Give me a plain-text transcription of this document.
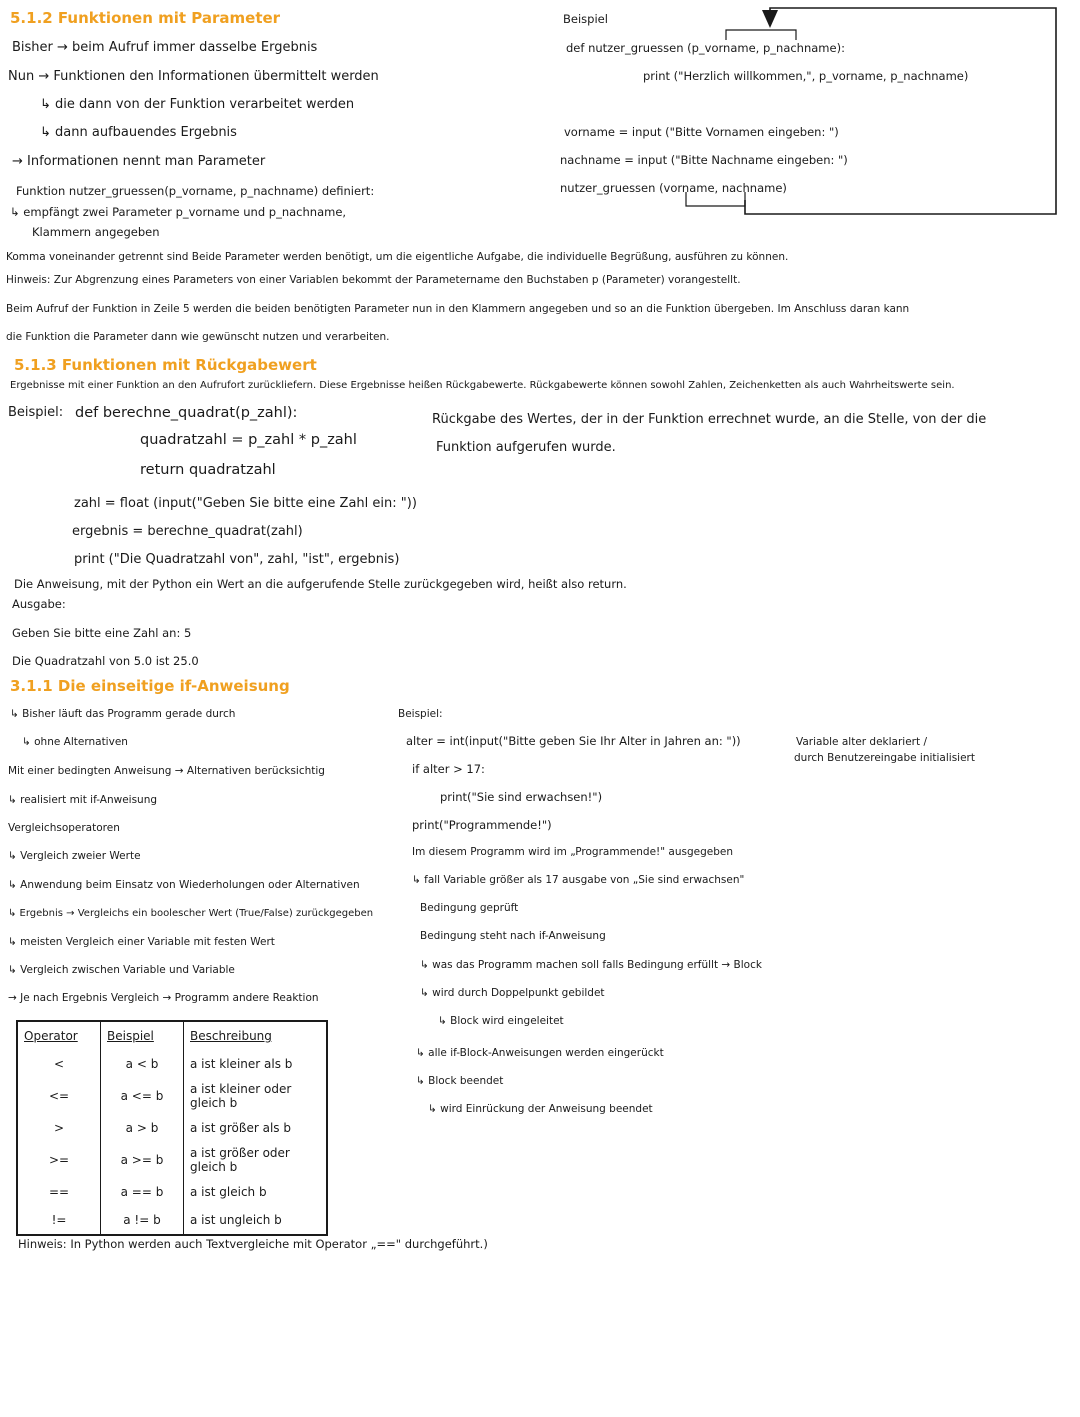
5.1.2 Funktionen mit Parameter
Bisher → beim Aufruf immer dasselbe Ergebnis
Nun → Funktionen den Informationen übermittelt werden
↳ die dann von der Funktion verarbeitet werden
↳ dann aufbauendes Ergebnis
→ Informationen nennt man Parameter
Funktion nutzer_gruessen(p_vorname, p_nachname) definiert:
↳ empfängt zwei Parameter p_vorname und p_nachname,
Klammern angegeben
Beispiel
def nutzer_gruessen (p_vorname, p_nachname):
print ("Herzlich willkommen,", p_vorname, p_nachname)
vorname = input ("Bitte Vornamen eingeben: ")
nachname = input ("Bitte Nachname eingeben: ")
nutzer_gruessen (vorname, nachname)
Komma voneinander getrennt sind Beide Parameter werden benötigt, um die eigentliche Aufgabe, die individuelle Begrüßung, ausführen zu können.
Hinweis: Zur Abgrenzung eines Parameters von einer Variablen bekommt der Parametername den Buchstaben p (Parameter) vorangestellt.
Beim Aufruf der Funktion in Zeile 5 werden die beiden benötigten Parameter nun in den Klammern angegeben und so an die Funktion übergeben. Im Anschluss daran kann
die Funktion die Parameter dann wie gewünscht nutzen und verarbeiten.
5.1.3 Funktionen mit Rückgabewert
Ergebnisse mit einer Funktion an den Aufrufort zurückliefern. Diese Ergebnisse heißen Rückgabewerte. Rückgabewerte können sowohl Zahlen, Zeichenketten als auch Wahrheitswerte sein.
Beispiel: def berechne_quadrat(p_zahl):
quadratzahl = p_zahl * p_zahl
return quadratzahl
Rückgabe des Wertes, der in der Funktion errechnet wurde, an die Stelle, von der die
Funktion aufgerufen wurde.
zahl = float (input("Geben Sie bitte eine Zahl ein: "))
ergebnis = berechne_quadrat(zahl)
print ("Die Quadratzahl von", zahl, "ist", ergebnis)
Die Anweisung, mit der Python ein Wert an die aufgerufende Stelle zurückgegeben wird, heißt also return.
Ausgabe:
Geben Sie bitte eine Zahl an: 5
Die Quadratzahl von 5.0 ist 25.0
3.1.1 Die einseitige if-Anweisung
↳ Bisher läuft das Programm gerade durch
↳ ohne Alternativen
Mit einer bedingten Anweisung → Alternativen berücksichtig
↳ realisiert mit if-Anweisung
Vergleichsoperatoren
↳ Vergleich zweier Werte
↳ Anwendung beim Einsatz von Wiederholungen oder Alternativen
↳ Ergebnis → Vergleichs ein boolescher Wert (True/False) zurückgegeben
↳ meisten Vergleich einer Variable mit festen Wert
↳ Vergleich zwischen Variable und Variable
→ Je nach Ergebnis Vergleich → Programm andere Reaktion
Operator	Beispiel	Beschreibung
<	a < b	a ist kleiner als b
<=	a <= b	a ist kleiner oder gleich b
>	a > b	a ist größer als b
>=	a >= b	a ist größer oder gleich b
==	a == b	a ist gleich b
!=	a != b	a ist ungleich b
Hinweis: In Python werden auch Textvergleiche mit Operator „==" durchgeführt.)
Beispiel:
alter = int(input("Bitte geben Sie Ihr Alter in Jahren an: "))	Variable alter deklariert /
durch Benutzereingabe initialisiert
if alter > 17:
print("Sie sind erwachsen!")
print("Programmende!")
Im diesem Programm wird im „Programmende!" ausgegeben
↳ fall Variable größer als 17 ausgabe von „Sie sind erwachsen"
Bedingung geprüft
Bedingung steht nach if-Anweisung
↳ was das Programm machen soll falls Bedingung erfüllt → Block
↳ wird durch Doppelpunkt gebildet
↳ Block wird eingeleitet
↳ alle if-Block-Anweisungen werden eingerückt
↳ Block beendet
↳ wird Einrückung der Anweisung beendet
